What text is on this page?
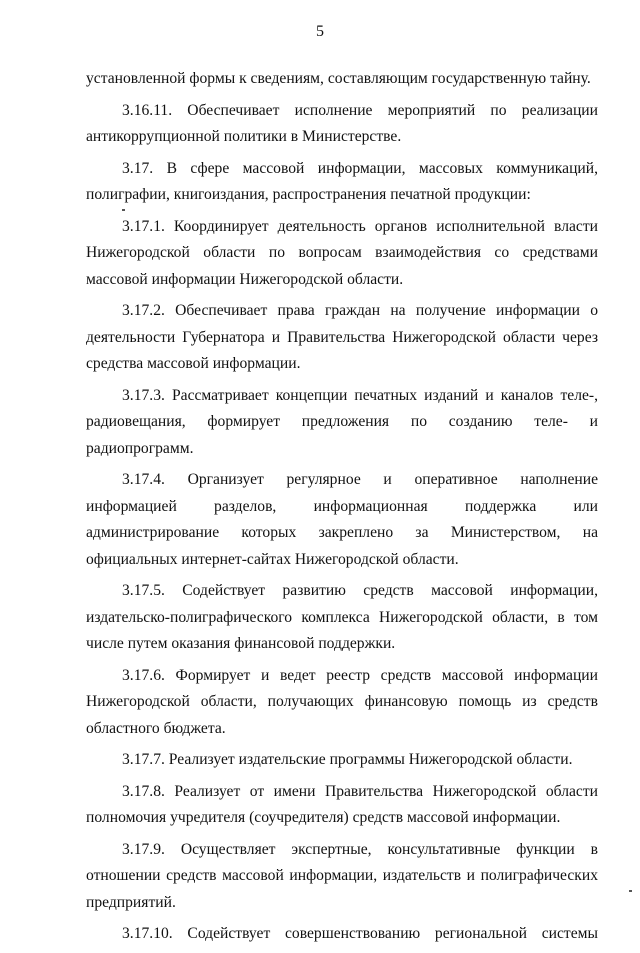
5

установленной формы к сведениям, составляющим государственную тайну.

3.16.11. Обеспечивает исполнение мероприятий по реализации антикоррупционной политики в Министерстве.

3.17. В сфере массовой информации, массовых коммуникаций, полиграфии, книгоиздания, распространения печатной продукции:

3.17.1. Координирует деятельность органов исполнительной власти Нижегородской области по вопросам взаимодействия со средствами массовой информации Нижегородской области.

3.17.2. Обеспечивает права граждан на получение информации о деятельности Губернатора и Правительства Нижегородской области через средства массовой информации.

3.17.3. Рассматривает концепции печатных изданий и каналов теле-, радиовещания, формирует предложения по созданию теле- и радиопрограмм.

3.17.4. Организует регулярное и оперативное наполнение информацией разделов, информационная поддержка или администрирование которых закреплено за Министерством, на официальных интернет-сайтах Нижегородской области.

3.17.5. Содействует развитию средств массовой информации, издательско-полиграфического комплекса Нижегородской области, в том числе путем оказания финансовой поддержки.

3.17.6. Формирует и ведет реестр средств массовой информации Нижегородской области, получающих финансовую помощь из средств областного бюджета.

3.17.7. Реализует издательские программы Нижегородской области.

3.17.8. Реализует от имени Правительства Нижегородской области полномочия учредителя (соучредителя) средств массовой информации.

3.17.9. Осуществляет экспертные, консультативные функции в отношении средств массовой информации, издательств и полиграфических предприятий.

3.17.10. Содействует совершенствованию региональной системы
